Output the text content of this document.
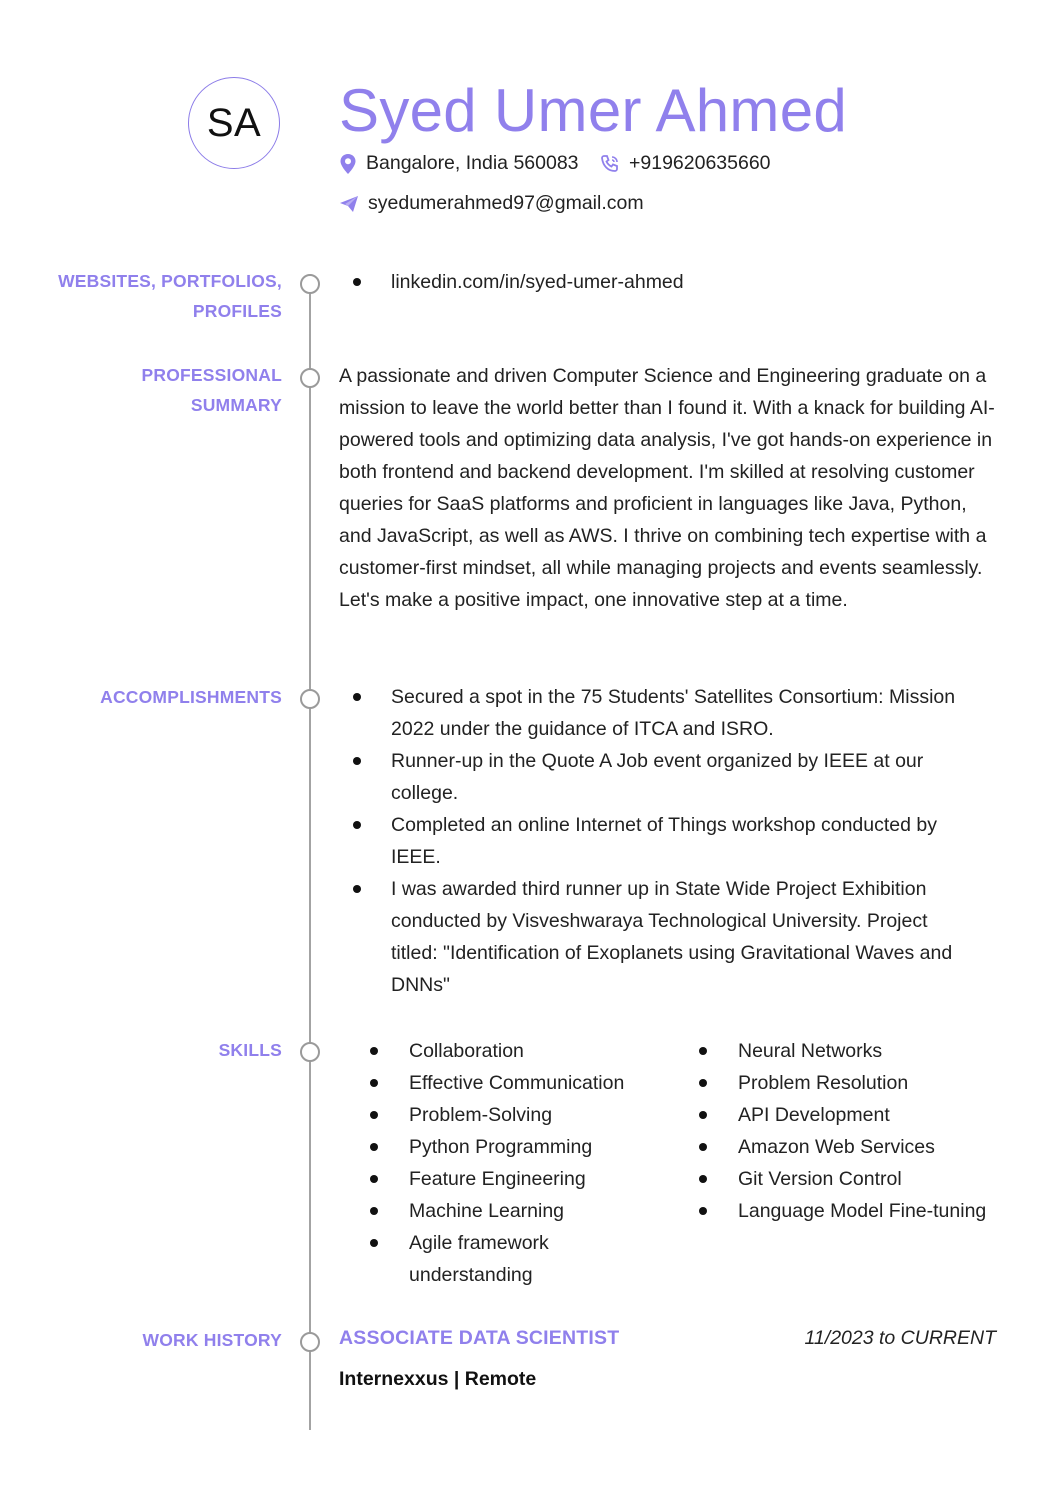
SA	Syed Umer Ahmed
Bangalore, India 560083	+919620635660
syedumerahmed97@gmail.com
WEBSITES, PORTFOLIOS,
PROFILES
linkedin.com/in/syed-umer-ahmed
PROFESSIONAL
SUMMARY
A passionate and driven Computer Science and Engineering graduate on a mission to leave the world better than I found it. With a knack for building AI-powered tools and optimizing data analysis, I've got hands-on experience in both frontend and backend development. I'm skilled at resolving customer queries for SaaS platforms and proficient in languages like Java, Python, and JavaScript, as well as AWS. I thrive on combining tech expertise with a customer-first mindset, all while managing projects and events seamlessly. Let's make a positive impact, one innovative step at a time.
ACCOMPLISHMENTS	Secured a spot in the 75 Students' Satellites Consortium: Mission 2022 under the guidance of ITCA and ISRO.
Runner-up in the Quote A Job event organized by IEEE at our college.
Completed an online Internet of Things workshop conducted by IEEE.
I was awarded third runner up in State Wide Project Exhibition conducted by Visveshwaraya Technological University. Project titled: "Identification of Exoplanets using Gravitational Waves and DNNs"
SKILLS	Collaboration
Effective Communication
Problem-Solving
Python Programming
Feature Engineering
Machine Learning
Agile framework understanding
Neural Networks
Problem Resolution
API Development
Amazon Web Services
Git Version Control
Language Model Fine-tuning
WORK HISTORY	ASSOCIATE DATA SCIENTIST	11/2023 to CURRENT
Internexxus | Remote
